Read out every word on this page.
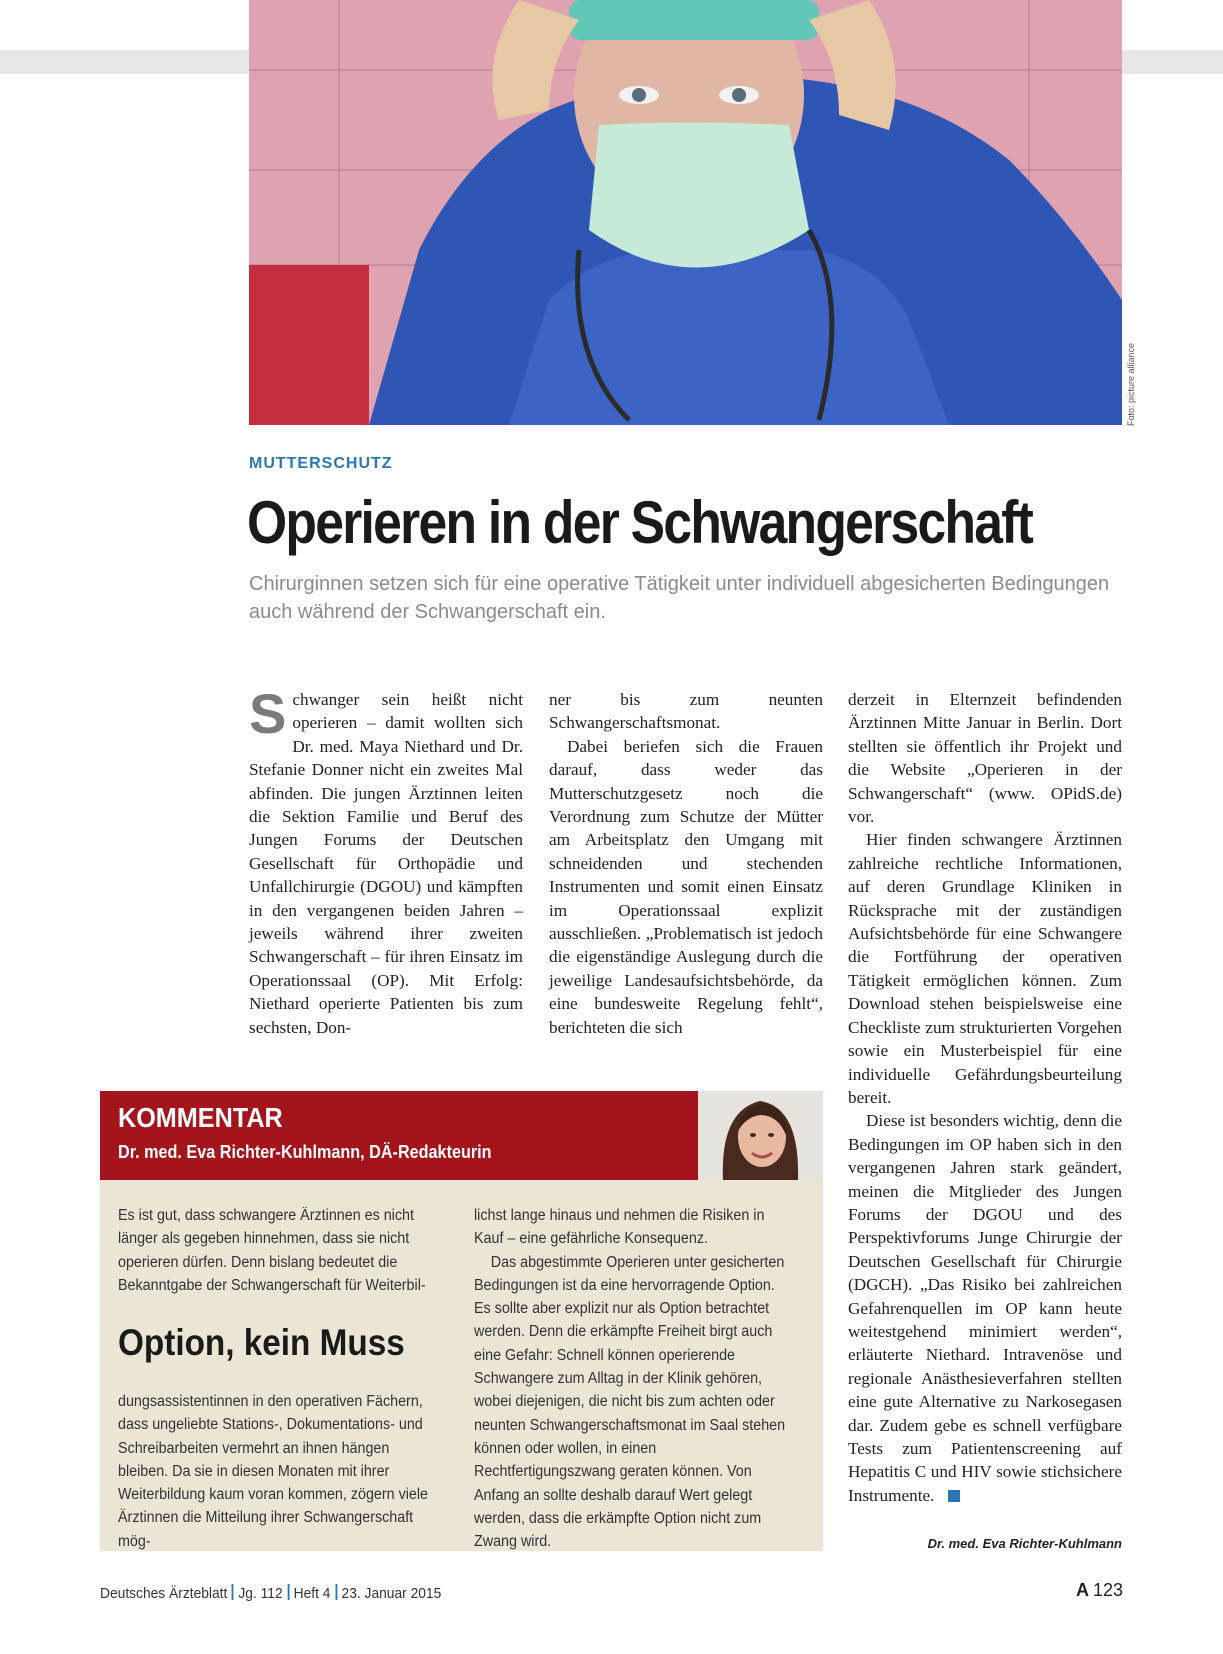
Foto: picture alliance
MUTTERSCHUTZ
Operieren in der Schwangerschaft
Chirurginnen setzen sich für eine operative Tätigkeit unter individuell abgesicherten Bedingungen auch während der Schwangerschaft ein.
S chwanger sein heißt nicht operieren – damit wollten sich Dr. med. Maya Niethard und Dr. Stefanie Donner nicht ein zweites Mal abfinden. Die jungen Ärztinnen leiten die Sektion Familie und Beruf des Jungen Forums der Deutschen Gesellschaft für Orthopädie und Unfallchirurgie (DGOU) und kämpften in den vergangenen beiden Jahren – jeweils während ihrer zweiten Schwangerschaft – für ihren Einsatz im Operationssaal (OP). Mit Erfolg: Niethard operierte Patienten bis zum sechsten, Don-

ner bis zum neunten Schwangerschaftsmonat.

Dabei beriefen sich die Frauen darauf, dass weder das Mutterschutzgesetz noch die Verordnung zum Schutze der Mütter am Arbeitsplatz den Umgang mit schneidenden und stechenden Instrumenten und somit einen Einsatz im Operationssaal explizit ausschließen. „Problematisch ist jedoch die eigenständige Auslegung durch die jeweilige Landesaufsichtsbehörde, da eine bundesweite Regelung fehlt“, berichteten die sich

derzeit in Elternzeit befindenden Ärztinnen Mitte Januar in Berlin. Dort stellten sie öffentlich ihr Projekt und die Website „Operieren in der Schwangerschaft“ (www. OPidS.de) vor.

Hier finden schwangere Ärztinnen zahlreiche rechtliche Informationen, auf deren Grundlage Kliniken in Rücksprache mit der zuständigen Aufsichtsbehörde für eine Schwangere die Fortführung der operativen Tätigkeit ermöglichen können. Zum Download stehen beispielsweise eine Checkliste zum strukturierten Vorgehen sowie ein Musterbeispiel für eine individuelle Gefährdungsbeurteilung bereit.

Diese ist besonders wichtig, denn die Bedingungen im OP haben sich in den vergangenen Jahren stark geändert, meinen die Mitglieder des Jungen Forums der DGOU und des Perspektivforums Junge Chirurgie der Deutschen Gesellschaft für Chirurgie (DGCH). „Das Risiko bei zahlreichen Gefahrenquellen im OP kann heute weitestgehend minimiert werden“, erläuterte Niethard. Intravenöse und regionale Anästhesieverfahren stellten eine gute Alternative zu Narkosegasen dar. Zudem gebe es schnell verfügbare Tests zum Patientenscreening auf Hepatitis C und HIV sowie stichsichere Instrumente.

Dr. med. Eva Richter-Kuhlmann
KOMMENTAR
Dr. med. Eva Richter-Kuhlmann, DÄ-Redakteurin

Es ist gut, dass schwangere Ärztinnen es nicht länger als gegeben hinnehmen, dass sie nicht operieren dürfen. Denn bislang bedeutet die Bekanntgabe der Schwangerschaft für Weiterbil-

Option, kein Muss

dungsassistentinnen in den operativen Fächern, dass ungeliebte Stations-, Dokumentations- und Schreibarbeiten vermehrt an ihnen hängen bleiben. Da sie in diesen Monaten mit ihrer Weiterbildung kaum voran kommen, zögern viele Ärztinnen die Mitteilung ihrer Schwangerschaft mög-

lichst lange hinaus und nehmen die Risiken in Kauf – eine gefährliche Konsequenz.

Das abgestimmte Operieren unter gesicherten Bedingungen ist da eine hervorragende Option. Es sollte aber explizit nur als Option betrachtet werden. Denn die erkämpfte Freiheit birgt auch eine Gefahr: Schnell können operierende Schwangere zum Alltag in der Klinik gehören, wobei diejenigen, die nicht bis zum achten oder neunten Schwangerschaftsmonat im Saal stehen können oder wollen, in einen Rechtfertigungszwang geraten können. Von Anfang an sollte deshalb darauf Wert gelegt werden, dass die erkämpfte Option nicht zum Zwang wird.

Deutsches Ärzteblatt Jg. 112 Heft 4 23. Januar 2015	A 123
